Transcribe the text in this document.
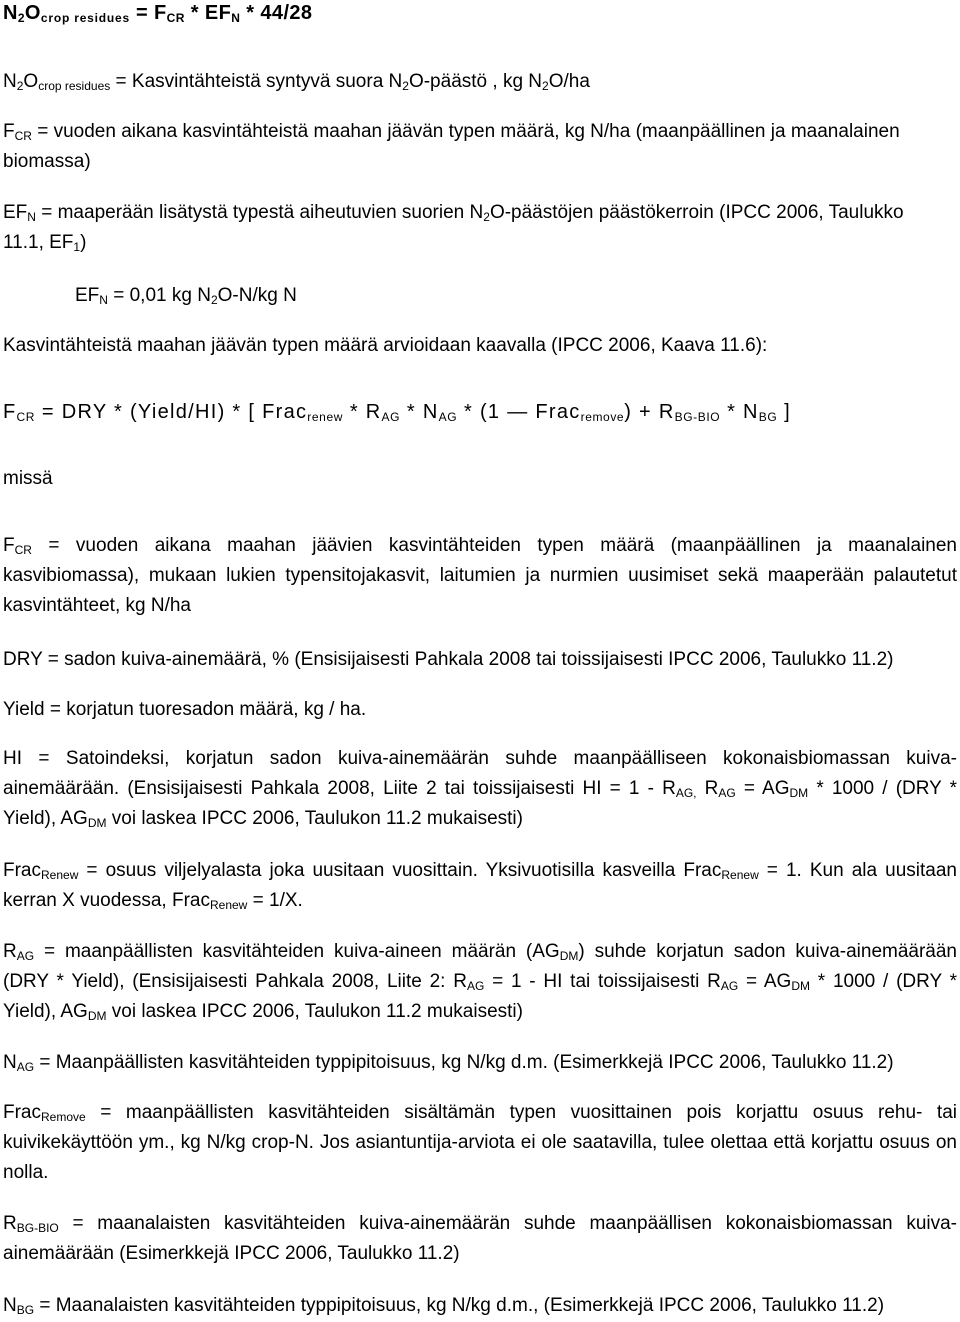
$N_2O_{crop residues} = F_{CR} * EF_N * 44/28$
$N_2O_{crop residues}$ = Kasvintähteistä syntyvä suora $N_2O$-päästö , kg $N_2O/ha$
$F_{CR}$ = vuoden aikana kasvintähteistä maahan jäävän typen määrä, kg N/ha (maanpäällinen ja maanalainen
biomassa)
$EF_N$ = maaperään lisätystä typestä aiheutuvien suorien $N_2O$-päästöjen päästökerroin (IPCC 2006, Taulukko
11.1, $EF_1$)
$EF_N = 0,01$ kg $N_2O-N/kg$ N
Kasvintähteistä maahan jäävän typen määrä arvioidaan kaavalla (IPCC 2006, Kaava 11.6):
$F_{CR}$ = DRY * (Yield/HI) * [ Frac$_{renew}$ * $R_{AG} * N_{AG} * (1$ — Frac$_{remove}$) + $R_{BG-BIO} * N_{BG}$ ]
missä
$F_{CR}$ = vuoden aikana maahan jäävien kasvintähteiden typen määrä (maanpäällinen ja maanalainen kasvibiomassa), mukaan lukien typensitojakasvit, laitumien ja nurmien uusimiset sekä maaperään palautetut kasvintähteet, kg N/ha
DRY = sadon kuiva-ainemäärä, % (Ensisijaisesti Pahkala 2008 tai toissijaisesti IPCC 2006, Taulukko 11.2)
Yield = korjatun tuoresadon määrä, kg / ha.
HI = Satoindeksi, korjatun sadon kuiva-ainemäärän suhde maanpäälliseen kokonaisbiomassan kuiva-ainemäärään. (Ensisijaisesti Pahkala 2008, Liite 2 tai toissijaisesti HI = $1 - R_{AG,}$ $R_{AG} = AG_{DM} * 1000 / (DRY$ * Yield), $AG_{DM}$ voi laskea IPCC 2006, Taulukon 11.2 mukaisesti)
Frac$_{Renew}$ = osuus viljelyalasta joka uusitaan vuosittain. Yksivuotisilla kasveilla Frac$_{Renew}$ = 1. Kun ala uusitaan kerran X vuodessa, Frac$_{Renew}$ = 1/X.
$R_{AG}$ = maanpäällisten kasvitähteiden kuiva-aineen määrän $(AG_{DM})$ suhde korjatun sadon kuiva-ainemäärään (DRY * Yield), (Ensisijaisesti Pahkala 2008, Liite 2: $R_{AG} = 1$ - HI tai toissijaisesti $R_{AG} = AG_{DM} * 1000 / (DRY$ * Yield), $AG_{DM}$ voi laskea IPCC 2006, Taulukon 11.2 mukaisesti)
$N_{AG}$ = Maanpäällisten kasvitähteiden typpipitoisuus, kg N/kg d.m. (Esimerkkejä IPCC 2006, Taulukko 11.2)
Frac$_{Remove}$ = maanpäällisten kasvitähteiden sisältämän typen vuosittainen pois korjattu osuus rehu- tai kuivikekäyttöön ym., kg N/kg crop-N. Jos asiantuntija-arviota ei ole saatavilla, tulee olettaa että korjattu osuus on nolla.
$R_{BG-BIO}$ = maanalaisten kasvitähteiden kuiva-ainemäärän suhde maanpäällisen kokonaisbiomassan kuiva-ainemäärään (Esimerkkejä IPCC 2006, Taulukko 11.2)
$N_{BG}$ = Maanalaisten kasvitähteiden typpipitoisuus, kg N/kg d.m., (Esimerkkejä IPCC 2006, Taulukko 11.2)
